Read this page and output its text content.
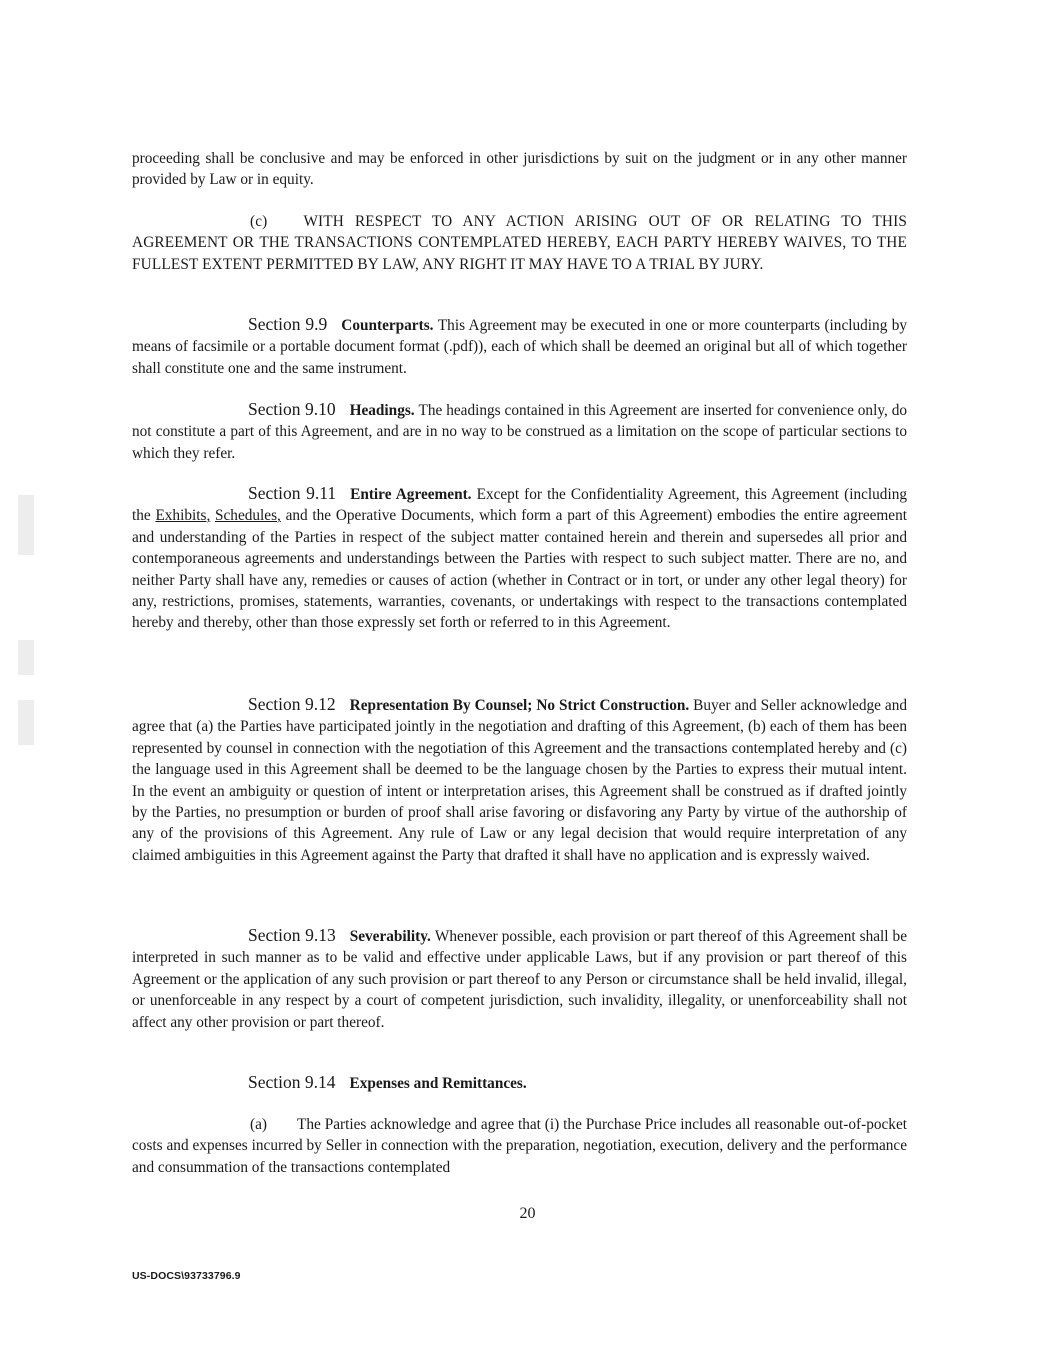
proceeding shall be conclusive and may be enforced in other jurisdictions by suit on the judgment or in any other manner provided by Law or in equity.

(c) WITH RESPECT TO ANY ACTION ARISING OUT OF OR RELATING TO THIS AGREEMENT OR THE TRANSACTIONS CONTEMPLATED HEREBY, EACH PARTY HEREBY WAIVES, TO THE FULLEST EXTENT PERMITTED BY LAW, ANY RIGHT IT MAY HAVE TO A TRIAL BY JURY.

Section 9.9 Counterparts. This Agreement may be executed in one or more counterparts (including by means of facsimile or a portable document format (.pdf)), each of which shall be deemed an original but all of which together shall constitute one and the same instrument.

Section 9.10 Headings. The headings contained in this Agreement are inserted for convenience only, do not constitute a part of this Agreement, and are in no way to be construed as a limitation on the scope of particular sections to which they refer.

Section 9.11 Entire Agreement. Except for the Confidentiality Agreement, this Agreement (including the Exhibits, Schedules, and the Operative Documents, which form a part of this Agreement) embodies the entire agreement and understanding of the Parties in respect of the subject matter contained herein and therein and supersedes all prior and contemporaneous agreements and understandings between the Parties with respect to such subject matter. There are no, and neither Party shall have any, remedies or causes of action (whether in Contract or in tort, or under any other legal theory) for any, restrictions, promises, statements, warranties, covenants, or undertakings with respect to the transactions contemplated hereby and thereby, other than those expressly set forth or referred to in this Agreement.

Section 9.12 Representation By Counsel; No Strict Construction. Buyer and Seller acknowledge and agree that (a) the Parties have participated jointly in the negotiation and drafting of this Agreement, (b) each of them has been represented by counsel in connection with the negotiation of this Agreement and the transactions contemplated hereby and (c) the language used in this Agreement shall be deemed to be the language chosen by the Parties to express their mutual intent. In the event an ambiguity or question of intent or interpretation arises, this Agreement shall be construed as if drafted jointly by the Parties, no presumption or burden of proof shall arise favoring or disfavoring any Party by virtue of the authorship of any of the provisions of this Agreement. Any rule of Law or any legal decision that would require interpretation of any claimed ambiguities in this Agreement against the Party that drafted it shall have no application and is expressly waived.

Section 9.13 Severability. Whenever possible, each provision or part thereof of this Agreement shall be interpreted in such manner as to be valid and effective under applicable Laws, but if any provision or part thereof of this Agreement or the application of any such provision or part thereof to any Person or circumstance shall be held invalid, illegal, or unenforceable in any respect by a court of competent jurisdiction, such invalidity, illegality, or unenforceability shall not affect any other provision or part thereof.

Section 9.14 Expenses and Remittances.

(a) The Parties acknowledge and agree that (i) the Purchase Price includes all reasonable out-of-pocket costs and expenses incurred by Seller in connection with the preparation, negotiation, execution, delivery and the performance and consummation of the transactions contemplated

20
US-DOCS\93733796.9
